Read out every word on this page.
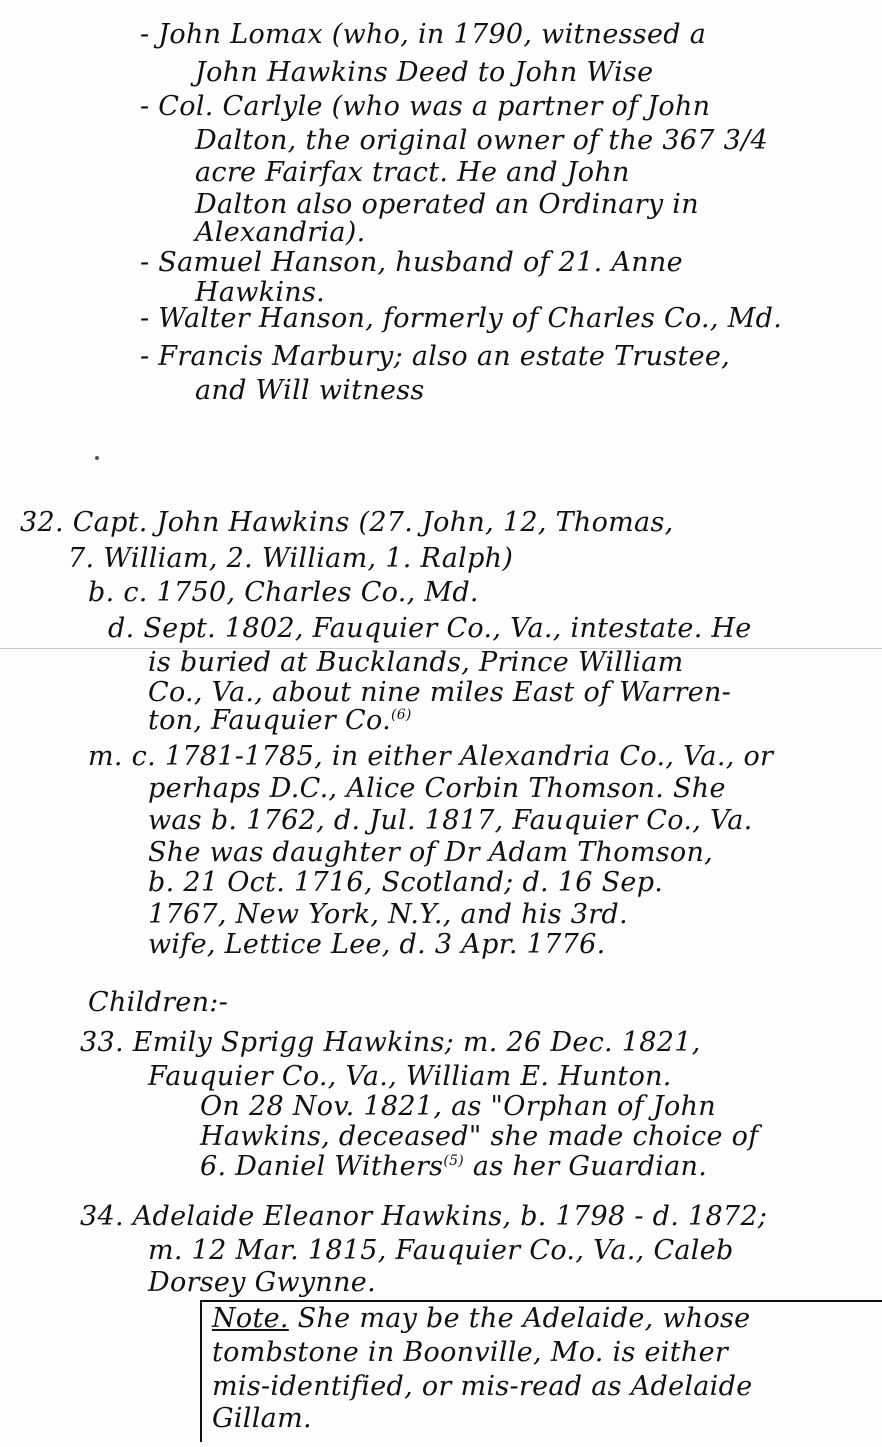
- John Lomax (who, in 1790, witnessed a
John Hawkins Deed to John Wise
- Col. Carlyle (who was a partner of John
Dalton, the original owner of the 367 3/4
acre Fairfax tract. He and John
Dalton also operated an Ordinary in
Alexandria).
- Samuel Hanson, husband of 21. Anne
Hawkins.
- Walter Hanson, formerly of Charles Co., Md.
- Francis Marbury; also an estate Trustee,
and Will witness
32. Capt. John Hawkins (27. John, 12, Thomas,
7. William, 2. William, 1. Ralph)
b. c. 1750, Charles Co., Md.
d. Sept. 1802, Fauquier Co., Va., intestate. He
is buried at Bucklands, Prince William
Co., Va., about nine miles East of Warren-
ton, Fauquier Co.$^{(6)}$
m. c. 1781-1785, in either Alexandria Co., Va., or
perhaps D.C., Alice Corbin Thomson. She
was b. 1762, d. Jul. 1817, Fauquier Co., Va.
She was daughter of Dr Adam Thomson,
b. 21 Oct. 1716, Scotland; d. 16 Sep.
1767, New York, N.Y., and his 3rd.
wife, Lettice Lee, d. 3 Apr. 1776.
Children:-
33. Emily Sprigg Hawkins; m. 26 Dec. 1821,
Fauquier Co., Va., William E. Hunton.
On 28 Nov. 1821, as "Orphan of John
Hawkins, deceased" she made choice of
6. Daniel Withers$^{(5)}$ as her Guardian.
34. Adelaide Eleanor Hawkins, b. 1798 - d. 1872;
m. 12 Mar. 1815, Fauquier Co., Va., Caleb
Dorsey Gwynne.
Note. She may be the Adelaide, whose
tombstone in Boonville, Mo. is either
mis-identified, or mis-read as Adelaide
Gillam.
